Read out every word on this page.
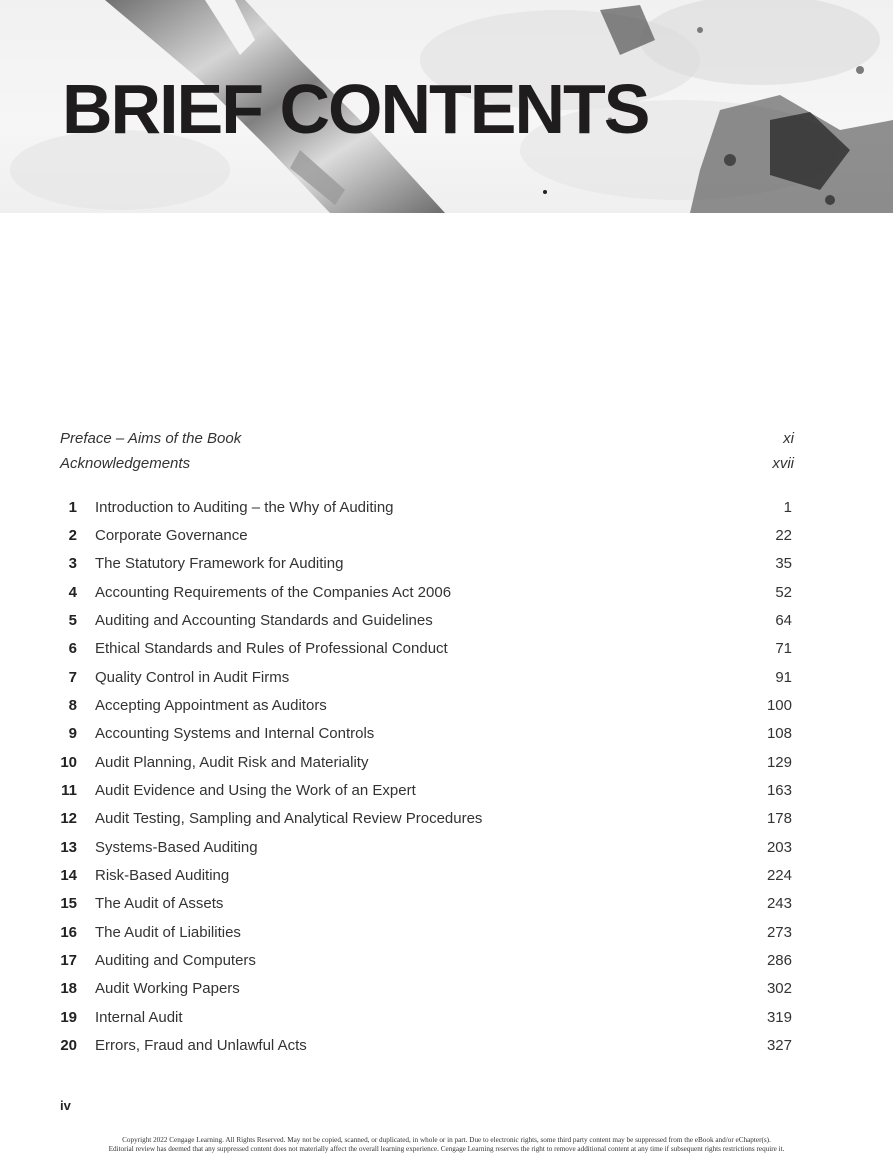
BRIEF CONTENTS
Preface – Aims of the Book	xi
Acknowledgements	xvii
1 Introduction to Auditing – the Why of Auditing	1
2 Corporate Governance	22
3 The Statutory Framework for Auditing	35
4 Accounting Requirements of the Companies Act 2006	52
5 Auditing and Accounting Standards and Guidelines	64
6 Ethical Standards and Rules of Professional Conduct	71
7 Quality Control in Audit Firms	91
8 Accepting Appointment as Auditors	100
9 Accounting Systems and Internal Controls	108
10 Audit Planning, Audit Risk and Materiality	129
11 Audit Evidence and Using the Work of an Expert	163
12 Audit Testing, Sampling and Analytical Review Procedures	178
13 Systems-Based Auditing	203
14 Risk-Based Auditing	224
15 The Audit of Assets	243
16 The Audit of Liabilities	273
17 Auditing and Computers	286
18 Audit Working Papers	302
19 Internal Audit	319
20 Errors, Fraud and Unlawful Acts	327
iv
Copyright 2022 Cengage Learning. All Rights Reserved. May not be copied, scanned, or duplicated, in whole or in part. Due to electronic rights, some third party content may be suppressed from the eBook and/or eChapter(s).
Editorial review has deemed that any suppressed content does not materially affect the overall learning experience. Cengage Learning reserves the right to remove additional content at any time if subsequent rights restrictions require it.
